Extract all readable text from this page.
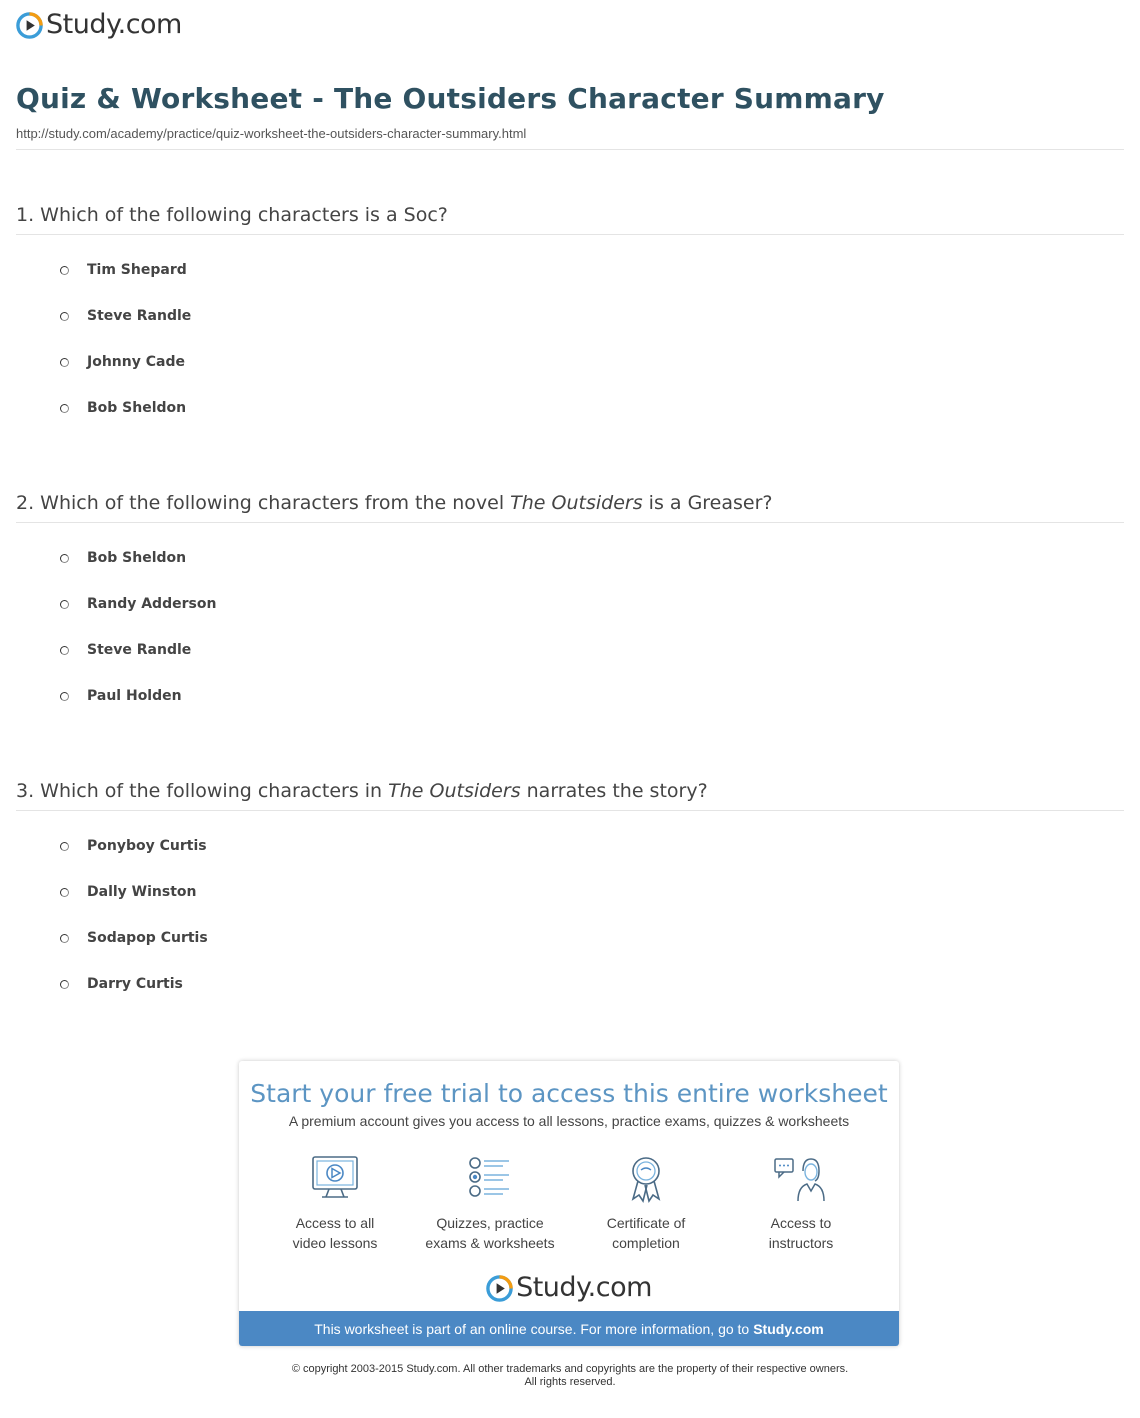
Study.com
Quiz & Worksheet - The Outsiders Character Summary
http://study.com/academy/practice/quiz-worksheet-the-outsiders-character-summary.html
1. Which of the following characters is a Soc?
Tim Shepard
Steve Randle
Johnny Cade
Bob Sheldon
2. Which of the following characters from the novel The Outsiders is a Greaser?
Bob Sheldon
Randy Adderson
Steve Randle
Paul Holden
3. Which of the following characters in The Outsiders narrates the story?
Ponyboy Curtis
Dally Winston
Sodapop Curtis
Darry Curtis
Start your free trial to access this entire worksheet
A premium account gives you access to all lessons, practice exams, quizzes & worksheets
Access to all
video lessons
Quizzes, practice
exams & worksheets
Certificate of
completion
Access to
instructors
Study.com
This worksheet is part of an online course. For more information, go to Study.com
© copyright 2003-2015 Study.com. All other trademarks and copyrights are the property of their respective owners.
All rights reserved.
